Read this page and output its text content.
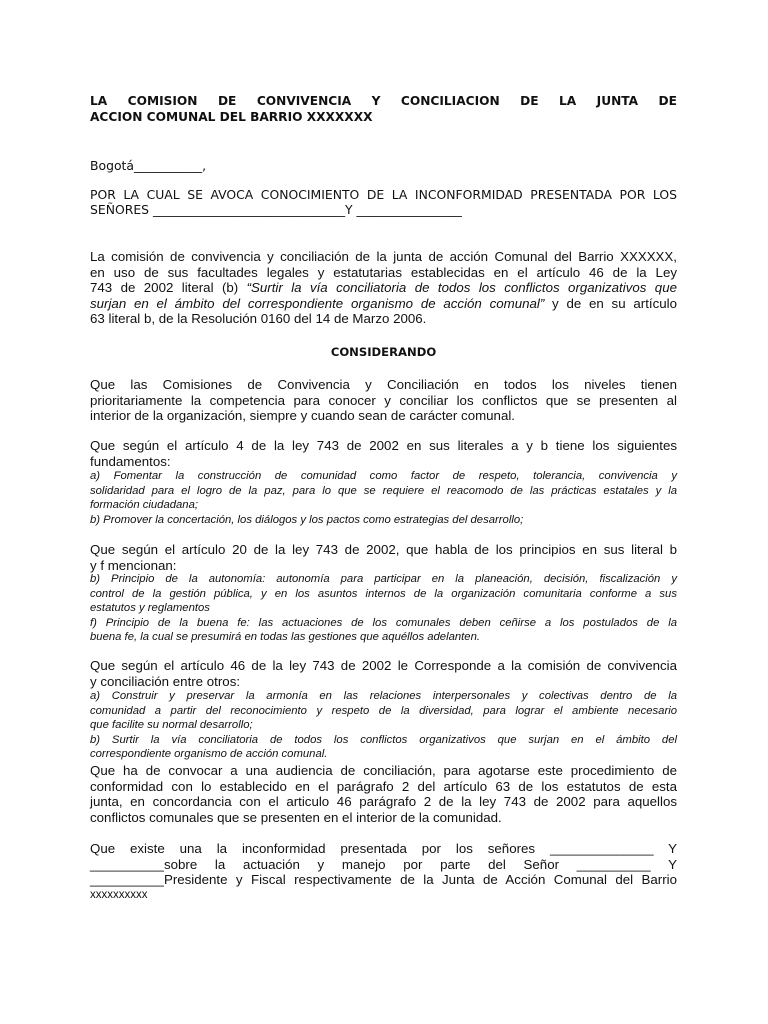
LA COMISION DE CONVIVENCIA Y CONCILIACION DE LA JUNTA DE
ACCION COMUNAL DEL BARRIO XXXXXXX
Bogotá___________,
POR LA CUAL SE AVOCA CONOCIMIENTO DE LA INCONFORMIDAD PRESENTADA POR LOS
SEÑORES _______________________________Y _________________
La comisión de convivencia y conciliación de la junta de acción Comunal del Barrio XXXXXX,
en uso de sus facultades legales y estatutarias establecidas en el artículo 46 de la Ley
743 de 2002 literal (b) “Surtir la vía conciliatoria de todos los conflictos organizativos que
surjan en el ámbito del correspondiente organismo de acción comunal” y de en su artículo
63 literal b, de la Resolución 0160 del 14 de Marzo 2006.
CONSIDERANDO
Que las Comisiones de Convivencia y Conciliación en todos los niveles tienen
prioritariamente la competencia para conocer y conciliar los conflictos que se presenten al
interior de la organización, siempre y cuando sean de carácter comunal.
Que según el artículo 4 de la ley 743 de 2002 en sus literales a y b tiene los siguientes
fundamentos:
a) Fomentar la construcción de comunidad como factor de respeto, tolerancia, convivencia y
solidaridad para el logro de la paz, para lo que se requiere el reacomodo de las prácticas estatales y la
formación ciudadana;
b) Promover la concertación, los diálogos y los pactos como estrategias del desarrollo;
Que según el artículo 20 de la ley 743 de 2002, que habla de los principios en sus literal b
y f mencionan:
b) Principio de la autonomía: autonomía para participar en la planeación, decisión, fiscalización y
control de la gestión pública, y en los asuntos internos de la organización comunitaria conforme a sus
estatutos y reglamentos
f) Principio de la buena fe: las actuaciones de los comunales deben ceñirse a los postulados de la
buena fe, la cual se presumirá en todas las gestiones que aquéllos adelanten.
Que según el artículo 46 de la ley 743 de 2002 le Corresponde a la comisión de convivencia
y conciliación entre otros:
a) Construir y preservar la armonía en las relaciones interpersonales y colectivas dentro de la
comunidad a partir del reconocimiento y respeto de la diversidad, para lograr el ambiente necesario
que facilite su normal desarrollo;
b) Surtir la vía conciliatoria de todos los conflictos organizativos que surjan en el ámbito del
correspondiente organismo de acción comunal.
Que ha de convocar a una audiencia de conciliación, para agotarse este procedimiento de
conformidad con lo establecido en el parágrafo 2 del artículo 63 de los estatutos de esta
junta, en concordancia con el articulo 46 parágrafo 2 de la ley 743 de 2002 para aquellos
conflictos comunales que se presenten en el interior de la comunidad.
Que existe una la inconformidad presentada por los señores ______________ Y
__________sobre la actuación y manejo por parte del Señor __________ Y
__________Presidente y Fiscal respectivamente de la Junta de Acción Comunal del Barrio
xxxxxxxxxx
